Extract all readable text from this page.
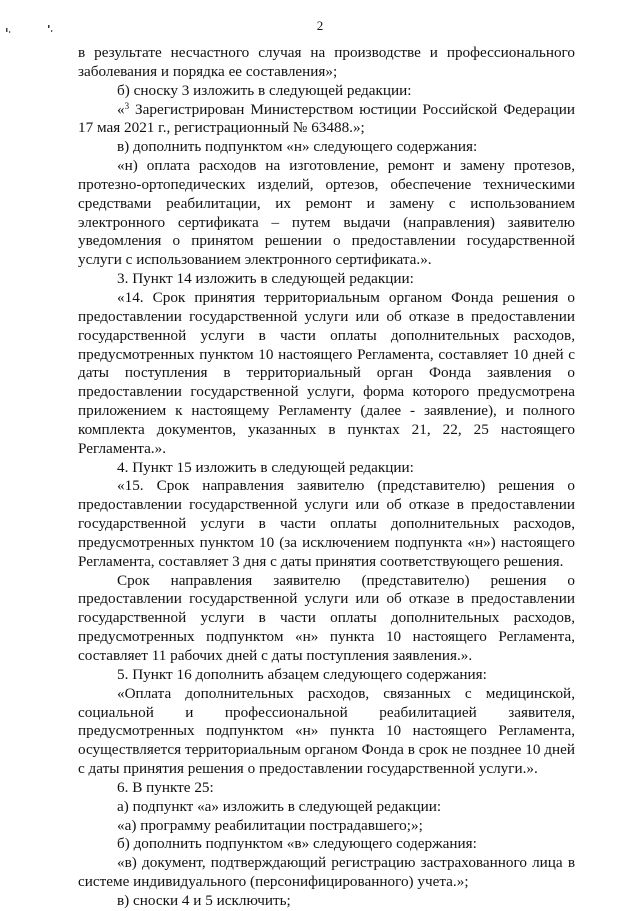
2

в результате несчастного случая на производстве и профессионального заболевания и порядка ее составления»;

б) сноску 3 изложить в следующей редакции:

«$^3$ Зарегистрирован Министерством юстиции Российской Федерации 17 мая 2021 г., регистрационный № 63488.»;

в) дополнить подпунктом «н» следующего содержания:

«н) оплата расходов на изготовление, ремонт и замену протезов, протезно-ортопедических изделий, ортезов, обеспечение техническими средствами реабилитации, их ремонт и замену с использованием электронного сертификата – путем выдачи (направления) заявителю уведомления о принятом решении о предоставлении государственной услуги с использованием электронного сертификата.».

3. Пункт 14 изложить в следующей редакции:

«14. Срок принятия территориальным органом Фонда решения о предоставлении государственной услуги или об отказе в предоставлении государственной услуги в части оплаты дополнительных расходов, предусмотренных пунктом 10 настоящего Регламента, составляет 10 дней с даты поступления в территориальный орган Фонда заявления о предоставлении государственной услуги, форма которого предусмотрена приложением к настоящему Регламенту (далее - заявление), и полного комплекта документов, указанных в пунктах 21, 22, 25 настоящего Регламента.».

4. Пункт 15 изложить в следующей редакции:

«15. Срок направления заявителю (представителю) решения о предоставлении государственной услуги или об отказе в предоставлении государственной услуги в части оплаты дополнительных расходов, предусмотренных пунктом 10 (за исключением подпункта «н») настоящего Регламента, составляет 3 дня с даты принятия соответствующего решения.

Срок направления заявителю (представителю) решения о предоставлении государственной услуги или об отказе в предоставлении государственной услуги в части оплаты дополнительных расходов, предусмотренных подпунктом «н» пункта 10 настоящего Регламента, составляет 11 рабочих дней с даты поступления заявления.».

5. Пункт 16 дополнить абзацем следующего содержания:

«Оплата дополнительных расходов, связанных с медицинской, социальной и профессиональной реабилитацией заявителя, предусмотренных подпунктом «н» пункта 10 настоящего Регламента, осуществляется территориальным органом Фонда в срок не позднее 10 дней с даты принятия решения о предоставлении государственной услуги.».

6. В пункте 25:

а) подпункт «а» изложить в следующей редакции:

«а) программу реабилитации пострадавшего;»;

б) дополнить подпунктом «в» следующего содержания:

«в) документ, подтверждающий регистрацию застрахованного лица в системе индивидуального (персонифицированного) учета.»;

в) сноски 4 и 5 исключить;
